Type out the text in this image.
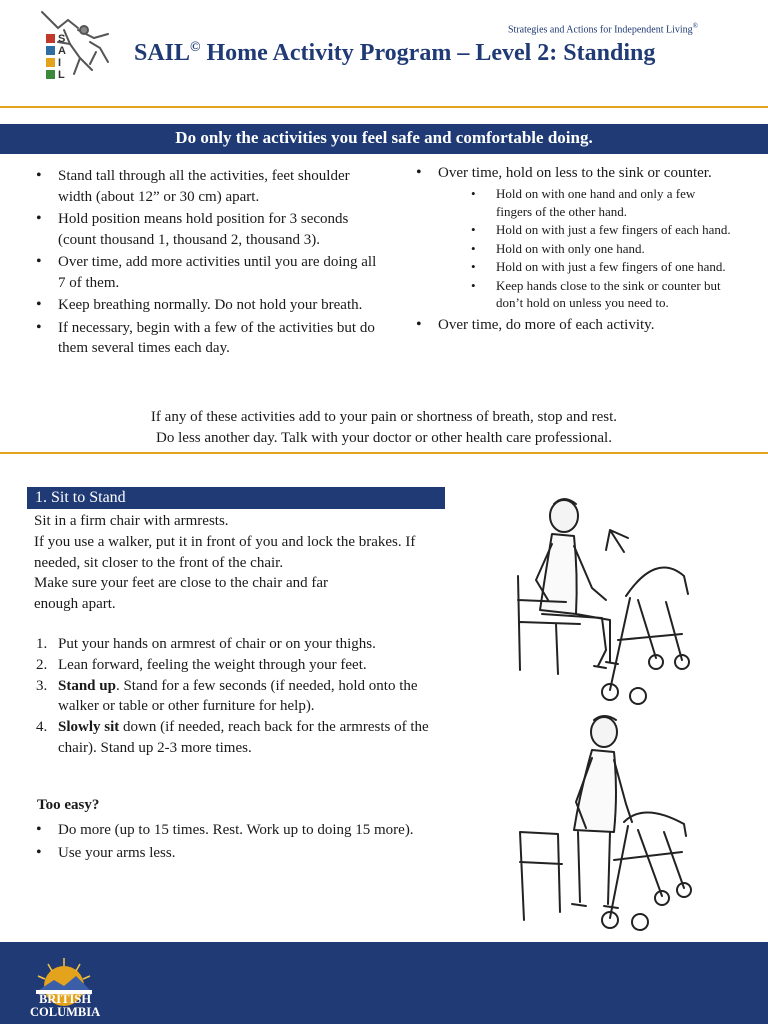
S
A
I
L
Strategies and Actions for Independent Living®
SAIL© Home Activity Program – Level 2: Standing
Do only the activities you feel safe and comfortable doing.
• Stand tall through all the activities, feet shoulder width (about 12” or 30 cm) apart.
• Hold position means hold position for 3 seconds (count thousand 1, thousand 2, thousand 3).
• Over time, add more activities until you are doing all 7 of them.
• Keep breathing normally. Do not hold your breath.
• If necessary, begin with a few of the activities but do them several times each day.
• Over time, hold on less to the sink or counter.
• Hold on with one hand and only a few fingers of the other hand.
• Hold on with just a few fingers of each hand.
• Hold on with only one hand.
• Hold on with just a few fingers of one hand.
• Keep hands close to the sink or counter but don’t hold on unless you need to.
• Over time, do more of each activity.
If any of these activities add to your pain or shortness of breath, stop and rest.
Do less another day. Talk with your doctor or other health care professional.
1. Sit to Stand

Sit in a firm chair with armrests.

If you use a walker, put it in front of you and lock the brakes. If needed, sit closer to the front of the chair.

Make sure your feet are close to the chair and far enough apart.

1. Put your hands on armrest of chair or on your thighs.
2. Lean forward, feeling the weight through your feet.
3. Stand up. Stand for a few seconds (if needed, hold onto the walker or table or other furniture for help).
4. Slowly sit down (if needed, reach back for the armrests of the chair). Stand up 2-3 more times.
Too easy?
• Do more (up to 15 times. Rest. Work up to doing 15 more).
• Use your arms less.
BRITISH
COLUMBIA
